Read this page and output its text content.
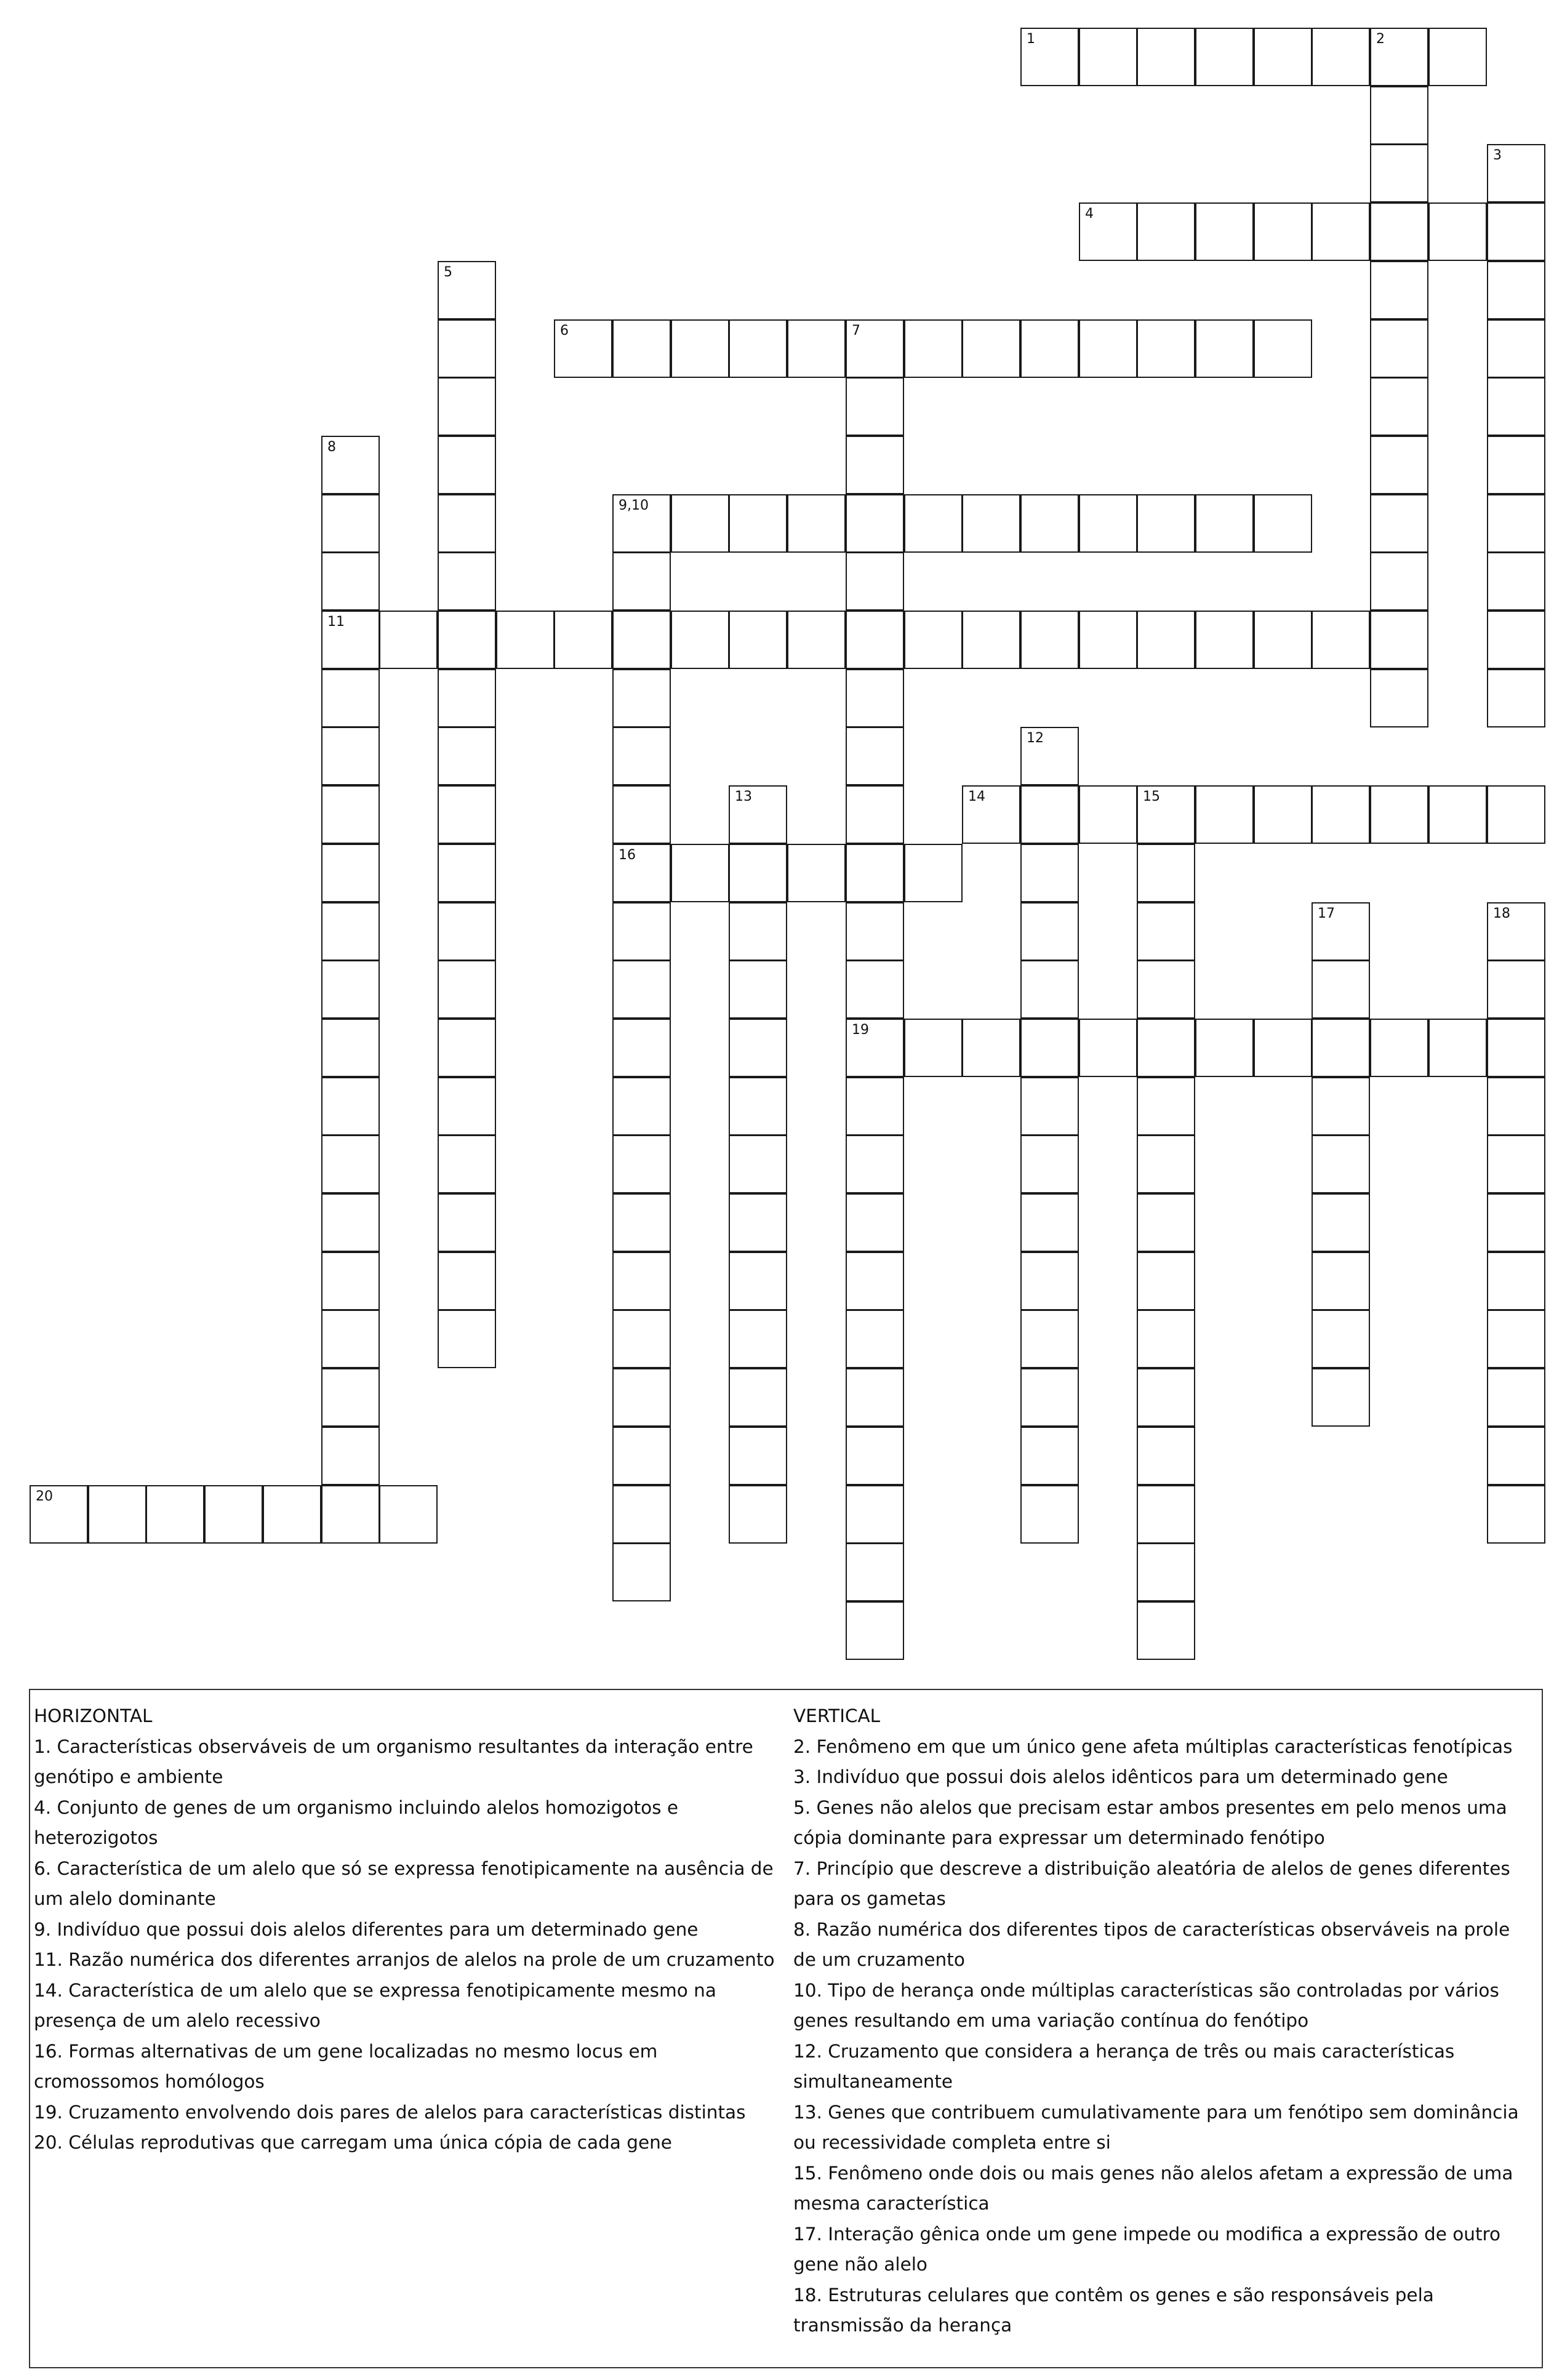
1	2
3
4
5
6	7
19
8
11
9,10
16
12
13	14	15
17	18
20
HORIZONTAL
1. Características observáveis de um organismo resultantes da interação entre genótipo e ambiente
4. Conjunto de genes de um organismo incluindo alelos homozigotos e heterozigotos
6. Característica de um alelo que só se expressa fenotipicamente na ausência de um alelo dominante
9. Indivíduo que possui dois alelos diferentes para um determinado gene
11. Razão numérica dos diferentes arranjos de alelos na prole de um cruzamento
14. Característica de um alelo que se expressa fenotipicamente mesmo na presença de um alelo recessivo
16. Formas alternativas de um gene localizadas no mesmo locus em cromossomos homólogos
19. Cruzamento envolvendo dois pares de alelos para características distintas
20. Células reprodutivas que carregam uma única cópia de cada gene
VERTICAL
2. Fenômeno em que um único gene afeta múltiplas características fenotípicas
3. Indivíduo que possui dois alelos idênticos para um determinado gene
5. Genes não alelos que precisam estar ambos presentes em pelo menos uma cópia dominante para expressar um determinado fenótipo
7. Princípio que descreve a distribuição aleatória de alelos de genes diferentes para os gametas
8. Razão numérica dos diferentes tipos de características observáveis na prole de um cruzamento
10. Tipo de herança onde múltiplas características são controladas por vários genes resultando em uma variação contínua do fenótipo
12. Cruzamento que considera a herança de três ou mais características simultaneamente
13. Genes que contribuem cumulativamente para um fenótipo sem dominância ou recessividade completa entre si
15. Fenômeno onde dois ou mais genes não alelos afetam a expressão de uma mesma característica
17. Interação gênica onde um gene impede ou modifica a expressão de outro gene não alelo
18. Estruturas celulares que contêm os genes e são responsáveis pela transmissão da herança
